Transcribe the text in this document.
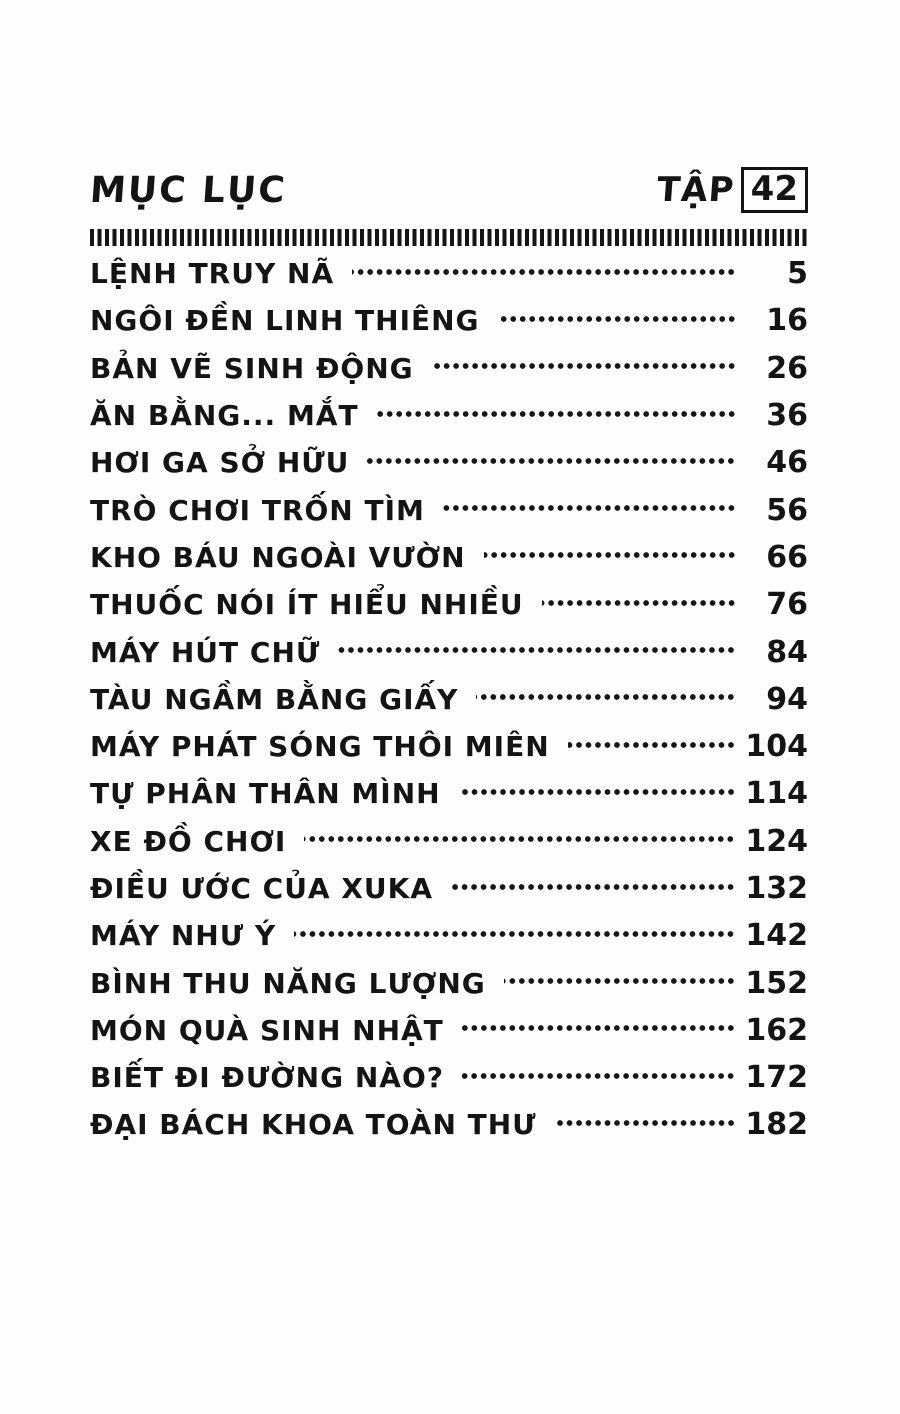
MỤC LỤC	TẬP 42
LỆNH TRUY NÃ	5
NGÔI ĐỀN LINH THIÊNG	16
BẢN VẼ SINH ĐỘNG	26
ĂN BẰNG... MẮT	36
HƠI GA SỞ HỮU	46
TRÒ CHƠI TRỐN TÌM	56
KHO BÁU NGOÀI VƯỜN	66
THUỐC NÓI ÍT HIỂU NHIỀU	76
MÁY HÚT CHỮ	84
TÀU NGẦM BẰNG GIẤY	94
MÁY PHÁT SÓNG THÔI MIÊN	104
TỰ PHÂN THÂN MÌNH	114
XE ĐỒ CHƠI	124
ĐIỀU ƯỚC CỦA XUKA	132
MÁY NHƯ Ý	142
BÌNH THU NĂNG LƯỢNG	152
MÓN QUÀ SINH NHẬT	162
BIẾT ĐI ĐƯỜNG NÀO?	172
ĐẠI BÁCH KHOA TOÀN THƯ	182
